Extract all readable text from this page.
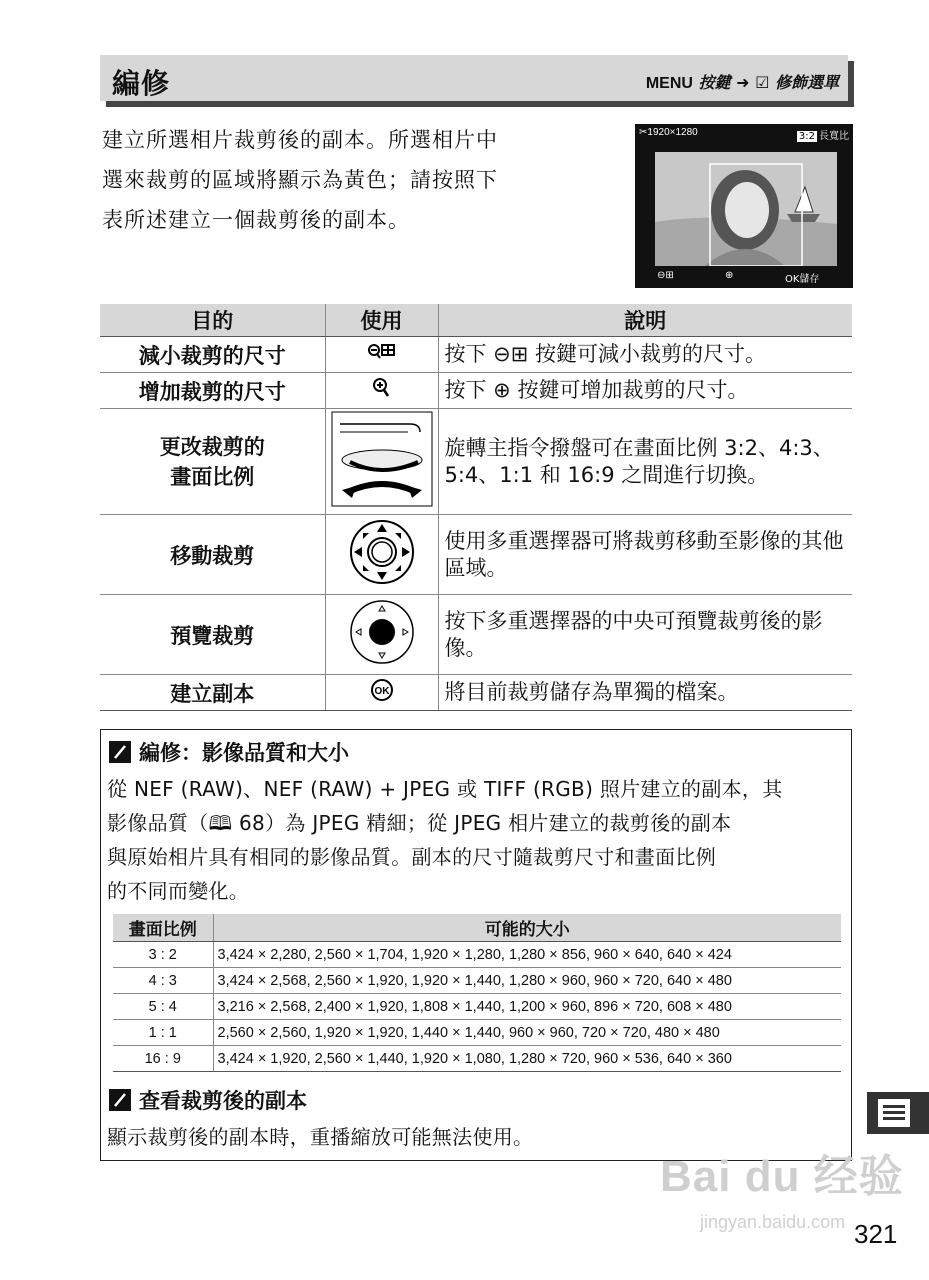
編修	MENU 按鍵 ➜ ☑ 修飾選單

建立所選相片裁剪後的副本。所選相片中

選來裁剪的區域將顯示為黃色；請按照下

表所述建立一個裁剪後的副本。

✂1920×1280	3:2 長寬比
⊖⊞	⊕	OK儲存
目的	使用	說明
減小裁剪的尺寸		按下 ⊖⊞ 按鍵可減小裁剪的尺寸。
增加裁剪的尺寸		按下 ⊕ 按鍵可增加裁剪的尺寸。
更改裁剪的
畫面比例		旋轉主指令撥盤可在畫面比例 3:2、4:3、5:4、1:1 和 16:9 之間進行切換。
移動裁剪		使用多重選擇器可將裁剪移動至影像的其他區域。
預覽裁剪		按下多重選擇器的中央可預覽裁剪後的影像。
建立副本	OK	將目前裁剪儲存為單獨的檔案。
編修：影像品質和大小
從 NEF (RAW)、NEF (RAW) + JPEG 或 TIFF (RGB) 照片建立的副本，其
影像品質（🕮 68）為 JPEG 精細；從 JPEG 相片建立的裁剪後的副本
與原始相片具有相同的影像品質。副本的尺寸隨裁剪尺寸和畫面比例
的不同而變化。
畫面比例	可能的大小
3 : 2	3,424 × 2,280, 2,560 × 1,704, 1,920 × 1,280, 1,280 × 856, 960 × 640, 640 × 424
4 : 3	3,424 × 2,568, 2,560 × 1,920, 1,920 × 1,440, 1,280 × 960, 960 × 720, 640 × 480
5 : 4	3,216 × 2,568, 2,400 × 1,920, 1,808 × 1,440, 1,200 × 960, 896 × 720, 608 × 480
1 : 1	2,560 × 2,560, 1,920 × 1,920, 1,440 × 1,440, 960 × 960, 720 × 720, 480 × 480
16 : 9	3,424 × 1,920, 2,560 × 1,440, 1,920 × 1,080, 1,280 × 720, 960 × 536, 640 × 360
查看裁剪後的副本
顯示裁剪後的副本時，重播縮放可能無法使用。
Bai du 经验
jingyan.baidu.com 321
